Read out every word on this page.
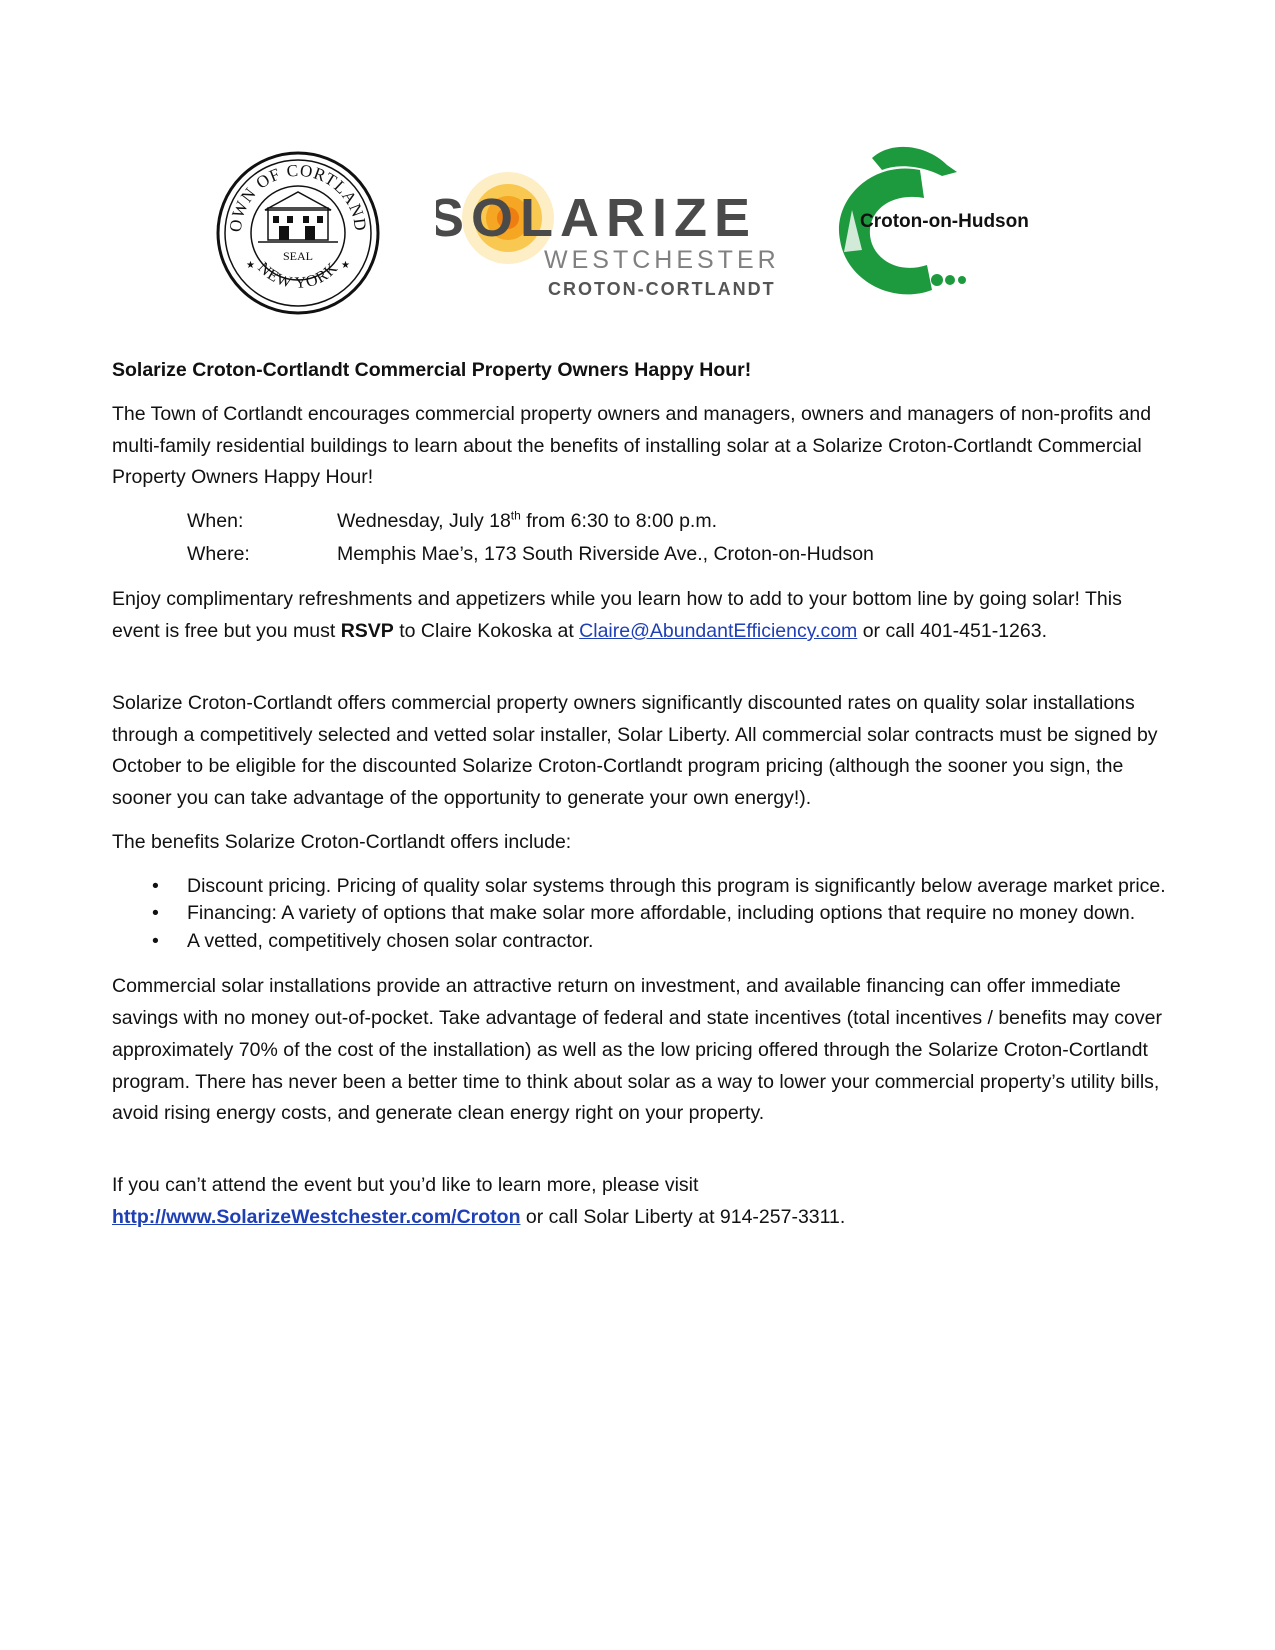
OWN OF CORTLAND
NEW YORK
SEAL
★	★
SOLARIZE
WESTCHESTER
CROTON-CORTLANDT
Croton-on-Hudson

Solarize Croton-Cortlandt Commercial Property Owners Happy Hour!

The Town of Cortlandt encourages commercial property owners and managers, owners and managers of non-profits and multi-family residential buildings to learn about the benefits of installing solar at a Solarize Croton-Cortlandt Commercial Property Owners Happy Hour!

When:	Wednesday, July 18th from 6:30 to 8:00 p.m.
Where:	Memphis Mae’s, 173 South Riverside Ave., Croton-on-Hudson

Enjoy complimentary refreshments and appetizers while you learn how to add to your bottom line by going solar! This event is free but you must RSVP to Claire Kokoska at Claire@AbundantEfficiency.com or call 401-451-1263.

Solarize Croton-Cortlandt offers commercial property owners significantly discounted rates on quality solar installations through a competitively selected and vetted solar installer, Solar Liberty. All commercial solar contracts must be signed by October to be eligible for the discounted Solarize Croton-Cortlandt program pricing (although the sooner you sign, the sooner you can take advantage of the opportunity to generate your own energy!).

The benefits Solarize Croton-Cortlandt offers include:

• Discount pricing. Pricing of quality solar systems through this program is significantly below average market price.
• Financing: A variety of options that make solar more affordable, including options that require no money down.
• A vetted, competitively chosen solar contractor.

Commercial solar installations provide an attractive return on investment, and available financing can offer immediate savings with no money out-of-pocket. Take advantage of federal and state incentives (total incentives / benefits may cover approximately 70% of the cost of the installation) as well as the low pricing offered through the Solarize Croton-Cortlandt program. There has never been a better time to think about solar as a way to lower your commercial property’s utility bills, avoid rising energy costs, and generate clean energy right on your property.

If you can’t attend the event but you’d like to learn more, please visit
http://www.SolarizeWestchester.com/Croton or call Solar Liberty at 914-257-3311.
